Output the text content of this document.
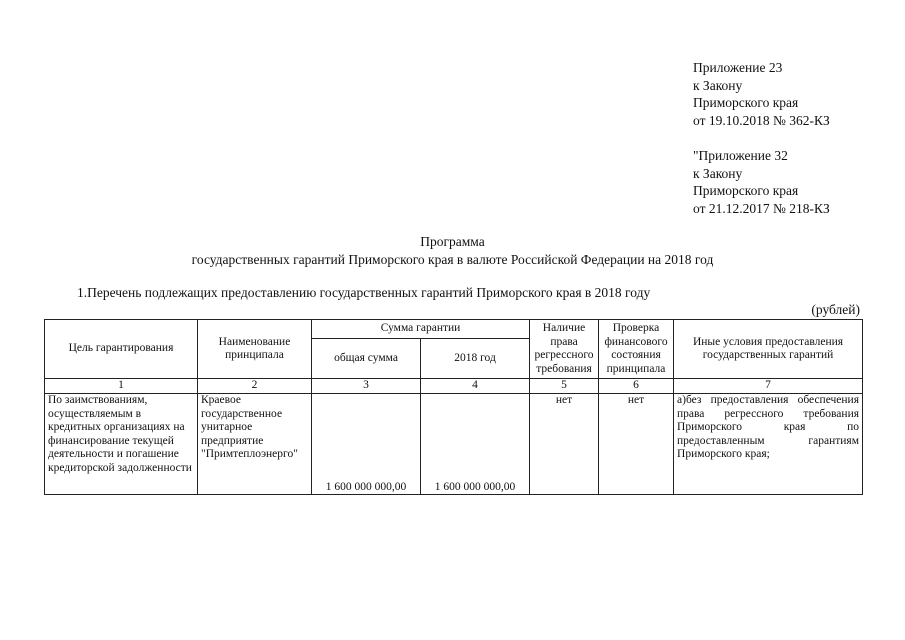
Приложение 23
к Закону
Приморского края
от 19.10.2018 № 362-КЗ
"Приложение 32
к Закону
Приморского края
от 21.12.2017 № 218-КЗ
Программа
государственных гарантий Приморского края в валюте Российской Федерации на 2018 год
1.Перечень подлежащих предоставлению государственных гарантий Приморского края в 2018 году
(рублей)
Цель гарантирования	Наименование принципала	Сумма гарантии		Наличие права регрессного требования	Проверка финансового состояния принципала	Иные условия предоставления государственных гарантий
		общая сумма	2018 год			
1	2	3	4	5	6	7
По заимствованиям, осуществляемым в кредитных организациях на финансирование текущей деятельности и погашение кредиторской задолженности	Краевое государственное унитарное предприятие "Примтеплоэнерго"	1 600 000 000,00	1 600 000 000,00	нет	нет	а)без предоставления обеспечения права регрессного требования Приморского края по предоставленным гарантиям Приморского края;
